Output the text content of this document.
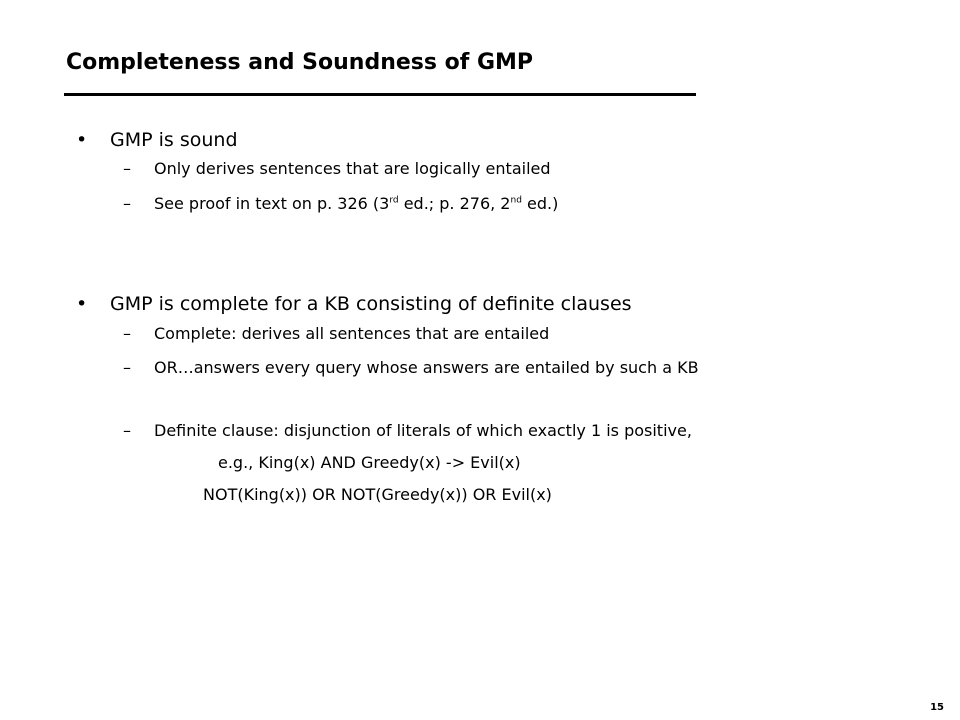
Completeness and Soundness of GMP
• GMP is sound
– Only derives sentences that are logically entailed
– See proof in text on p. 326 (3rd ed.; p. 276, 2nd ed.)
• GMP is complete for a KB consisting of definite clauses
– Complete: derives all sentences that are entailed
– OR…answers every query whose answers are entailed by such a KB
– Definite clause: disjunction of literals of which exactly 1 is positive,
e.g., King(x) AND Greedy(x) -> Evil(x)
NOT(King(x)) OR NOT(Greedy(x)) OR Evil(x)
15
